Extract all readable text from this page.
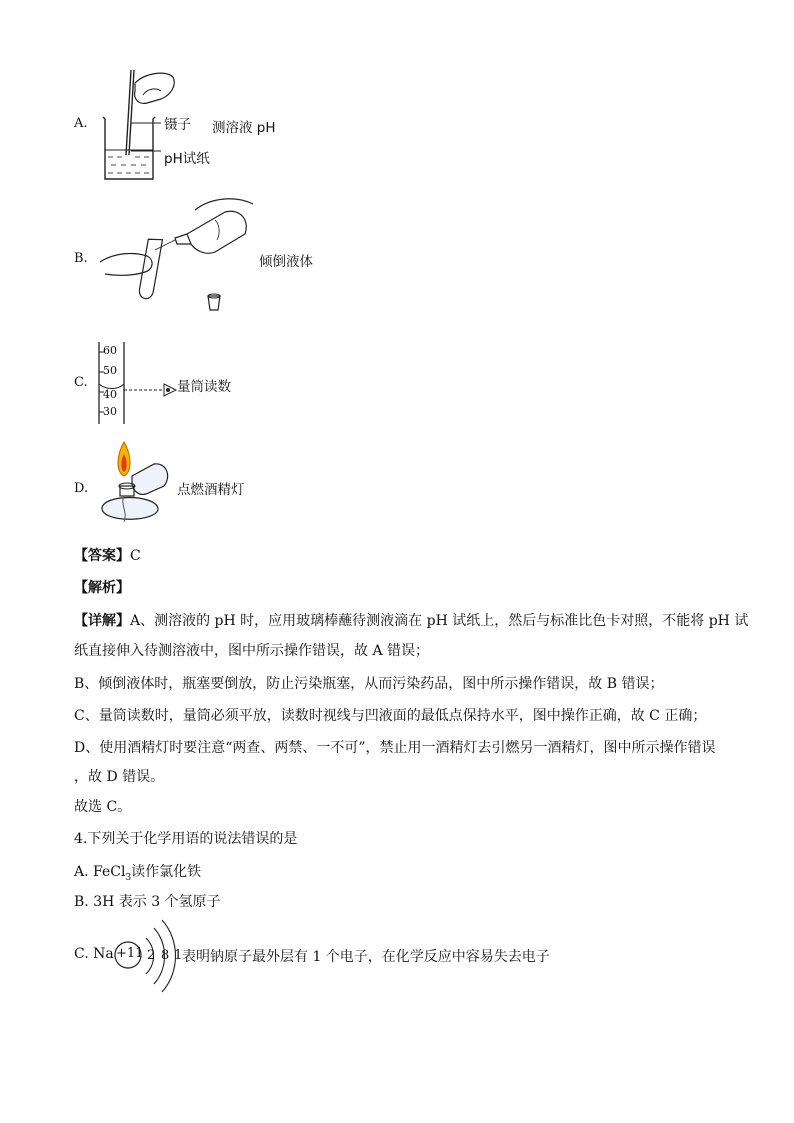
A.	镊子 测溶液 pH
pH试纸
B.	倾倒液体
C.
60
50
40
30
量筒读数
D.	点燃酒精灯
【答案】C
【解析】
【详解】A、测溶液的 pH 时，应用玻璃棒蘸待测液滴在 pH 试纸上，然后与标准比色卡对照，不能将 pH 试
纸直接伸入待测溶液中，图中所示操作错误，故 A 错误；
B、倾倒液体时，瓶塞要倒放，防止污染瓶塞，从而污染药品，图中所示操作错误，故 B 错误；
C、量筒读数时，量筒必须平放，读数时视线与凹液面的最低点保持水平，图中操作正确，故 C 正确；
D、使用酒精灯时要注意“两查、两禁、一不可”，禁止用一酒精灯去引燃另一酒精灯，图中所示操作错误
，故 D 错误。
故选 C。
4.下列关于化学用语的说法错误的是
A. FeCl$_3$读作氯化铁
B. 3H 表示 3 个氢原子
C. Na +11 2 8 1 表明钠原子最外层有 1 个电子，在化学反应中容易失去电子
